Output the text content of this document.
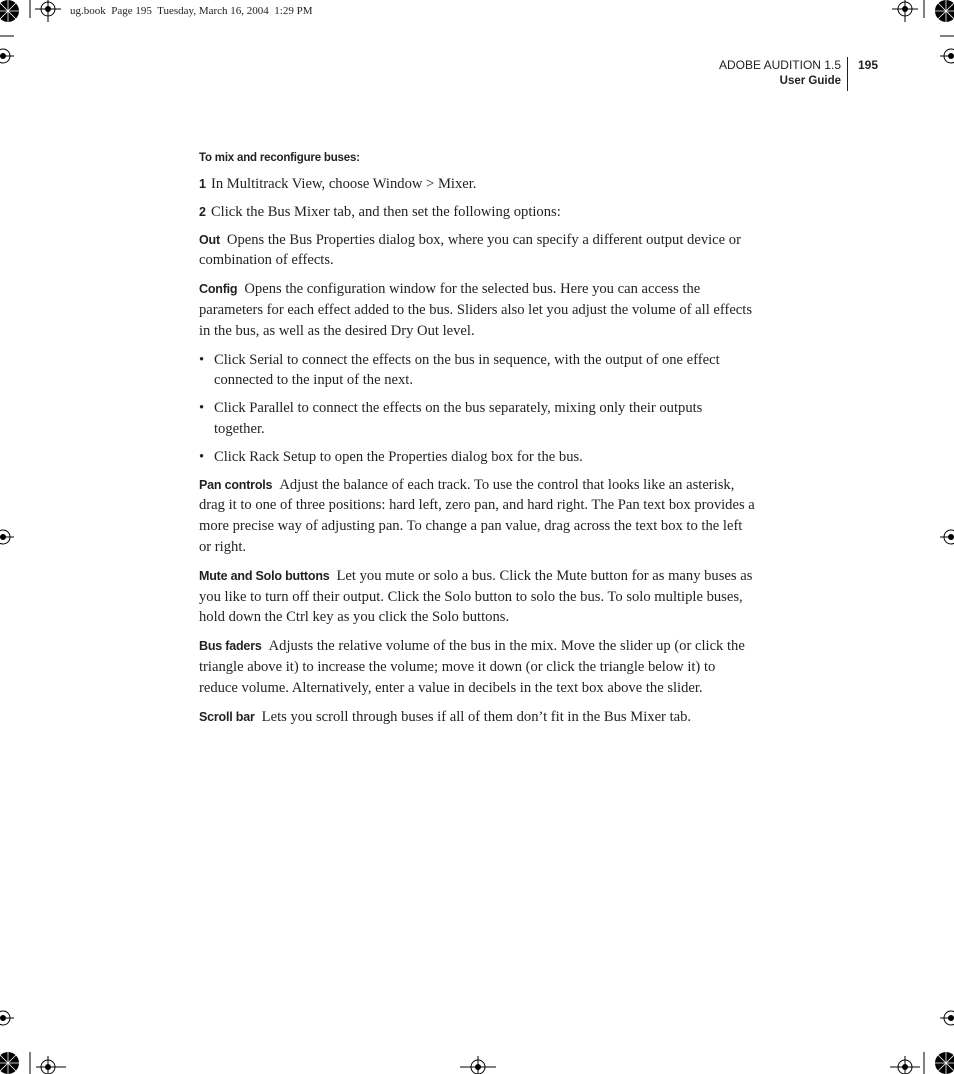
ug.book  Page 195  Tuesday, March 16, 2004  1:29 PM
ADOBE AUDITION 1.5
User Guide
195
To mix and reconfigure buses:
1 In Multitrack View, choose Window > Mixer.
2 Click the Bus Mixer tab, and then set the following options:

Out Opens the Bus Properties dialog box, where you can specify a different output device or combination of effects.

Config Opens the configuration window for the selected bus. Here you can access the parameters for each effect added to the bus. Sliders also let you adjust the volume of all effects in the bus, as well as the desired Dry Out level.

• Click Serial to connect the effects on the bus in sequence, with the output of one effect connected to the input of the next.
• Click Parallel to connect the effects on the bus separately, mixing only their outputs together.
• Click Rack Setup to open the Properties dialog box for the bus.

Pan controls Adjust the balance of each track. To use the control that looks like an asterisk, drag it to one of three positions: hard left, zero pan, and hard right. The Pan text box provides a more precise way of adjusting pan. To change a pan value, drag across the text box to the left or right.

Mute and Solo buttons Let you mute or solo a bus. Click the Mute button for as many buses as you like to turn off their output. Click the Solo button to solo the bus. To solo multiple buses, hold down the Ctrl key as you click the Solo buttons.

Bus faders Adjusts the relative volume of the bus in the mix. Move the slider up (or click the triangle above it) to increase the volume; move it down (or click the triangle below it) to reduce volume. Alternatively, enter a value in decibels in the text box above the slider.

Scroll bar Lets you scroll through buses if all of them don’t fit in the Bus Mixer tab.
